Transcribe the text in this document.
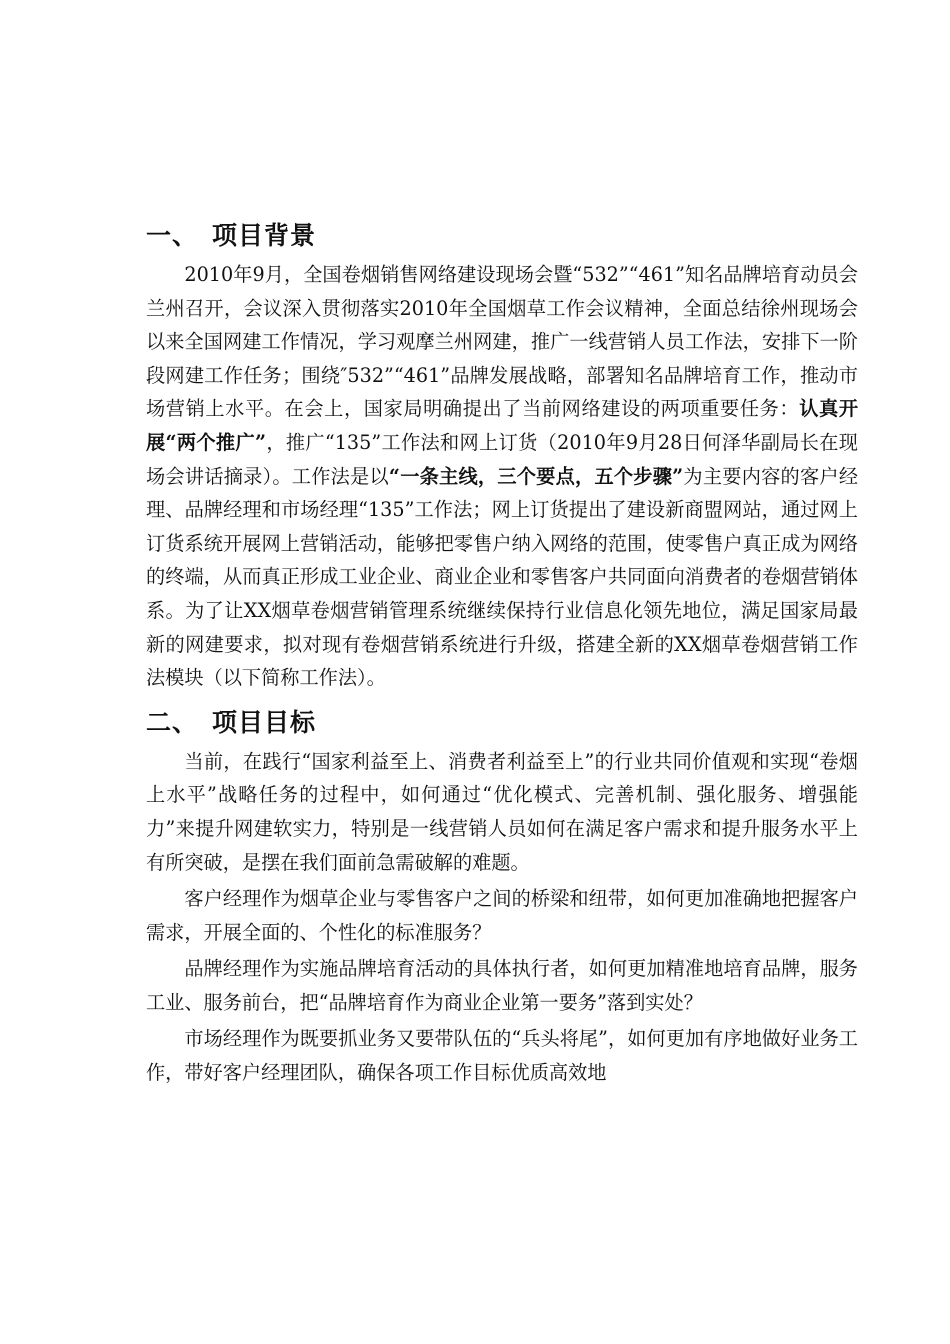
一、 项目背景

2010年9月，全国卷烟销售网络建设现场会暨“532”“461”知名品牌培育动员会兰州召开，会议深入贯彻落实2010年全国烟草工作会议精神，全面总结徐州现场会以来全国网建工作情况，学习观摩兰州网建，推广一线营销人员工作法，安排下一阶段网建工作任务；围绕″532”“461”品牌发展战略，部署知名品牌培育工作，推动市场营销上水平。在会上，国家局明确提出了当前网络建设的两项重要任务：认真开展“两个推广”，推广“135”工作法和网上订货（2010年9月28日何泽华副局长在现场会讲话摘录）。工作法是以“一条主线，三个要点，五个步骤”为主要内容的客户经理、品牌经理和市场经理“135”工作法；网上订货提出了建设新商盟网站，通过网上订货系统开展网上营销活动，能够把零售户纳入网络的范围，使零售户真正成为网络的终端，从而真正形成工业企业、商业企业和零售客户共同面向消费者的卷烟营销体系。为了让XX烟草卷烟营销管理系统继续保持行业信息化领先地位，满足国家局最新的网建要求，拟对现有卷烟营销系统进行升级，搭建全新的XX烟草卷烟营销工作法模块（以下简称工作法）。

二、 项目目标

当前，在践行“国家利益至上、消费者利益至上”的行业共同价值观和实现“卷烟上水平”战略任务的过程中，如何通过“优化模式、完善机制、强化服务、增强能力”来提升网建软实力，特别是一线营销人员如何在满足客户需求和提升服务水平上有所突破，是摆在我们面前急需破解的难题。

客户经理作为烟草企业与零售客户之间的桥梁和纽带，如何更加准确地把握客户需求，开展全面的、个性化的标准服务？

品牌经理作为实施品牌培育活动的具体执行者，如何更加精准地培育品牌，服务工业、服务前台，把“品牌培育作为商业企业第一要务”落到实处？

市场经理作为既要抓业务又要带队伍的“兵头将尾”，如何更加有序地做好业务工作，带好客户经理团队，确保各项工作目标优质高效地
